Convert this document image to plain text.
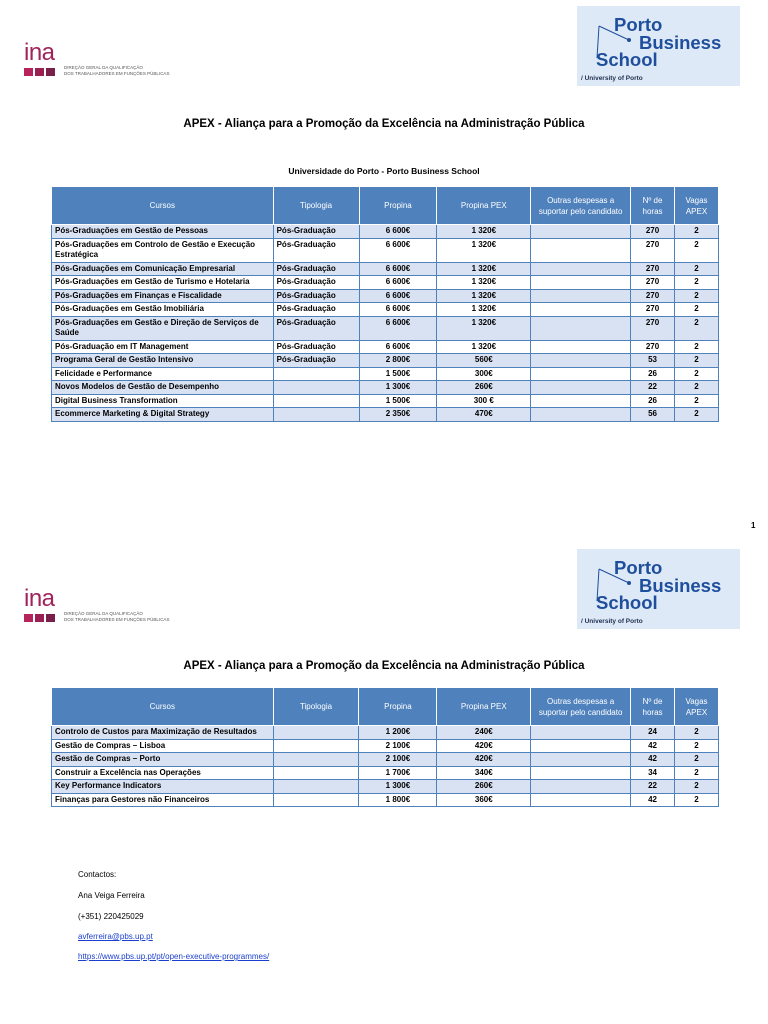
ina
DIREÇÃO GERAL DA QUALIFICAÇÃO
DOS TRABALHADORES EM FUNÇÕES PÚBLICAS
Porto
Business
School
/ University of Porto
APEX - Aliança para a Promoção da Excelência na Administração Pública
Universidade do Porto - Porto Business School
Cursos	Tipologia	Propina	Propina PEX	Outras despesas a suportar pelo candidato	Nº de horas	Vagas APEX
Pós-Graduações em Gestão de Pessoas	Pós-Graduação	6 600€	1 320€		270	2
Pós-Graduações em Controlo de Gestão e Execução Estratégica	Pós-Graduação	6 600€	1 320€		270	2
Pós-Graduações em Comunicação Empresarial	Pós-Graduação	6 600€	1 320€		270	2
Pós-Graduações em Gestão de Turismo e Hotelaria	Pós-Graduação	6 600€	1 320€		270	2
Pós-Graduações em Finanças e Fiscalidade	Pós-Graduação	6 600€	1 320€		270	2
Pós-Graduações em Gestão Imobiliária	Pós-Graduação	6 600€	1 320€		270	2
Pós-Graduações em Gestão e Direção de Serviços de Saúde	Pós-Graduação	6 600€	1 320€		270	2
Pós-Graduação em IT Management	Pós-Graduação	6 600€	1 320€		270	2
Programa Geral de Gestão Intensivo	Pós-Graduação	2 800€	560€		53	2
Felicidade e Performance		1 500€	300€		26	2
Novos Modelos de Gestão de Desempenho		1 300€	260€		22	2
Digital Business Transformation		1 500€	300 €		26	2
Ecommerce Marketing & Digital Strategy		2 350€	470€		56	2
1
ina
DIREÇÃO GERAL DA QUALIFICAÇÃO
DOS TRABALHADORES EM FUNÇÕES PÚBLICAS
Porto
Business
School
/ University of Porto
APEX - Aliança para a Promoção da Excelência na Administração Pública
Cursos	Tipologia	Propina	Propina PEX	Outras despesas a suportar pelo candidato	Nº de horas	Vagas APEX
Controlo de Custos para Maximização de Resultados		1 200€	240€		24	2
Gestão de Compras – Lisboa		2 100€	420€		42	2
Gestão de Compras – Porto		2 100€	420€		42	2
Construir a Excelência nas Operações		1 700€	340€		34	2
Key Performance Indicators		1 300€	260€		22	2
Finanças para Gestores não Financeiros		1 800€	360€		42	2
Contactos:
Ana Veiga Ferreira
(+351) 220425029
avferreira@pbs.up.pt
https://www.pbs.up.pt/pt/open-executive-programmes/
